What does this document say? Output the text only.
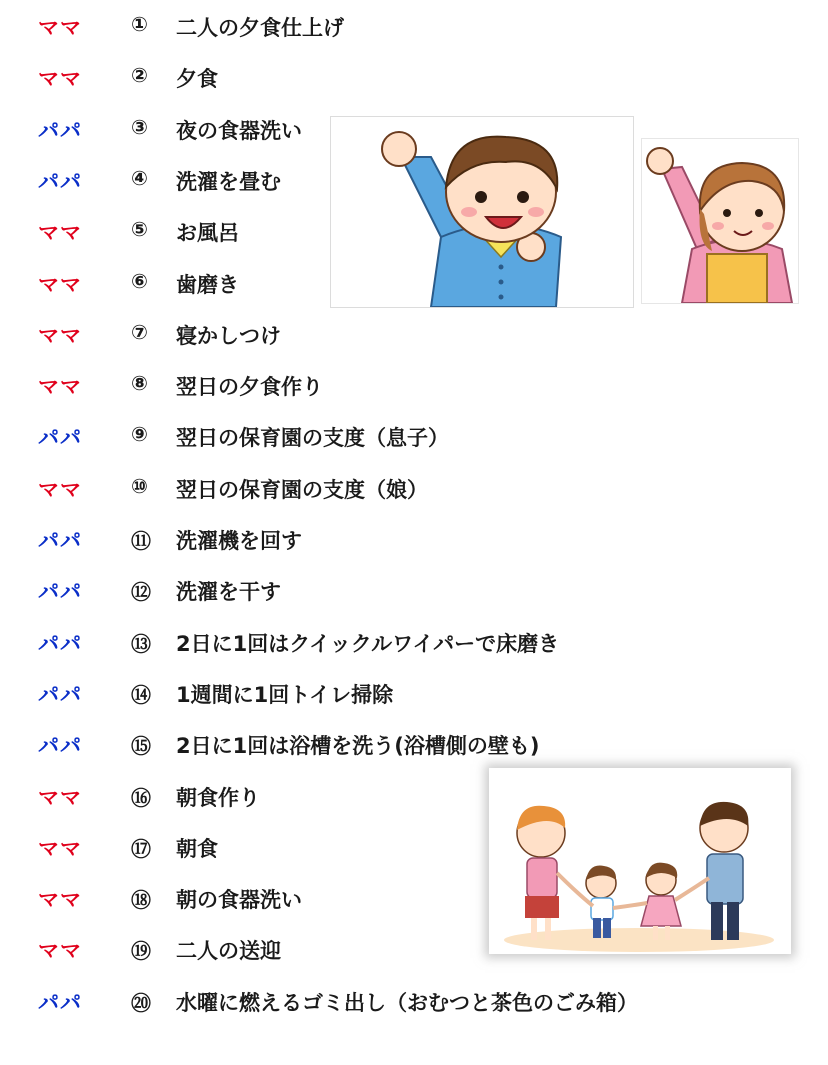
ママ ① 二人の夕食仕上げ
ママ ② 夕食
パパ ③ 夜の食器洗い
パパ ④ 洗濯を畳む
ママ ⑤ お風呂
ママ ⑥ 歯磨き
ママ ⑦ 寝かしつけ
ママ ⑧ 翌日の夕食作り
パパ ⑨ 翌日の保育園の支度（息子）
ママ ⑩ 翌日の保育園の支度（娘）
パパ ⑪ 洗濯機を回す
パパ ⑫ 洗濯を干す
パパ ⑬ 2日に1回はクイックルワイパーで床磨き
パパ ⑭ 1週間に1回トイレ掃除
パパ ⑮ 2日に1回は浴槽を洗う(浴槽側の壁も)
ママ ⑯ 朝食作り
ママ ⑰ 朝食
ママ ⑱ 朝の食器洗い
ママ ⑲ 二人の送迎
パパ ⑳ 水曜に燃えるゴミ出し（おむつと茶色のごみ箱）
